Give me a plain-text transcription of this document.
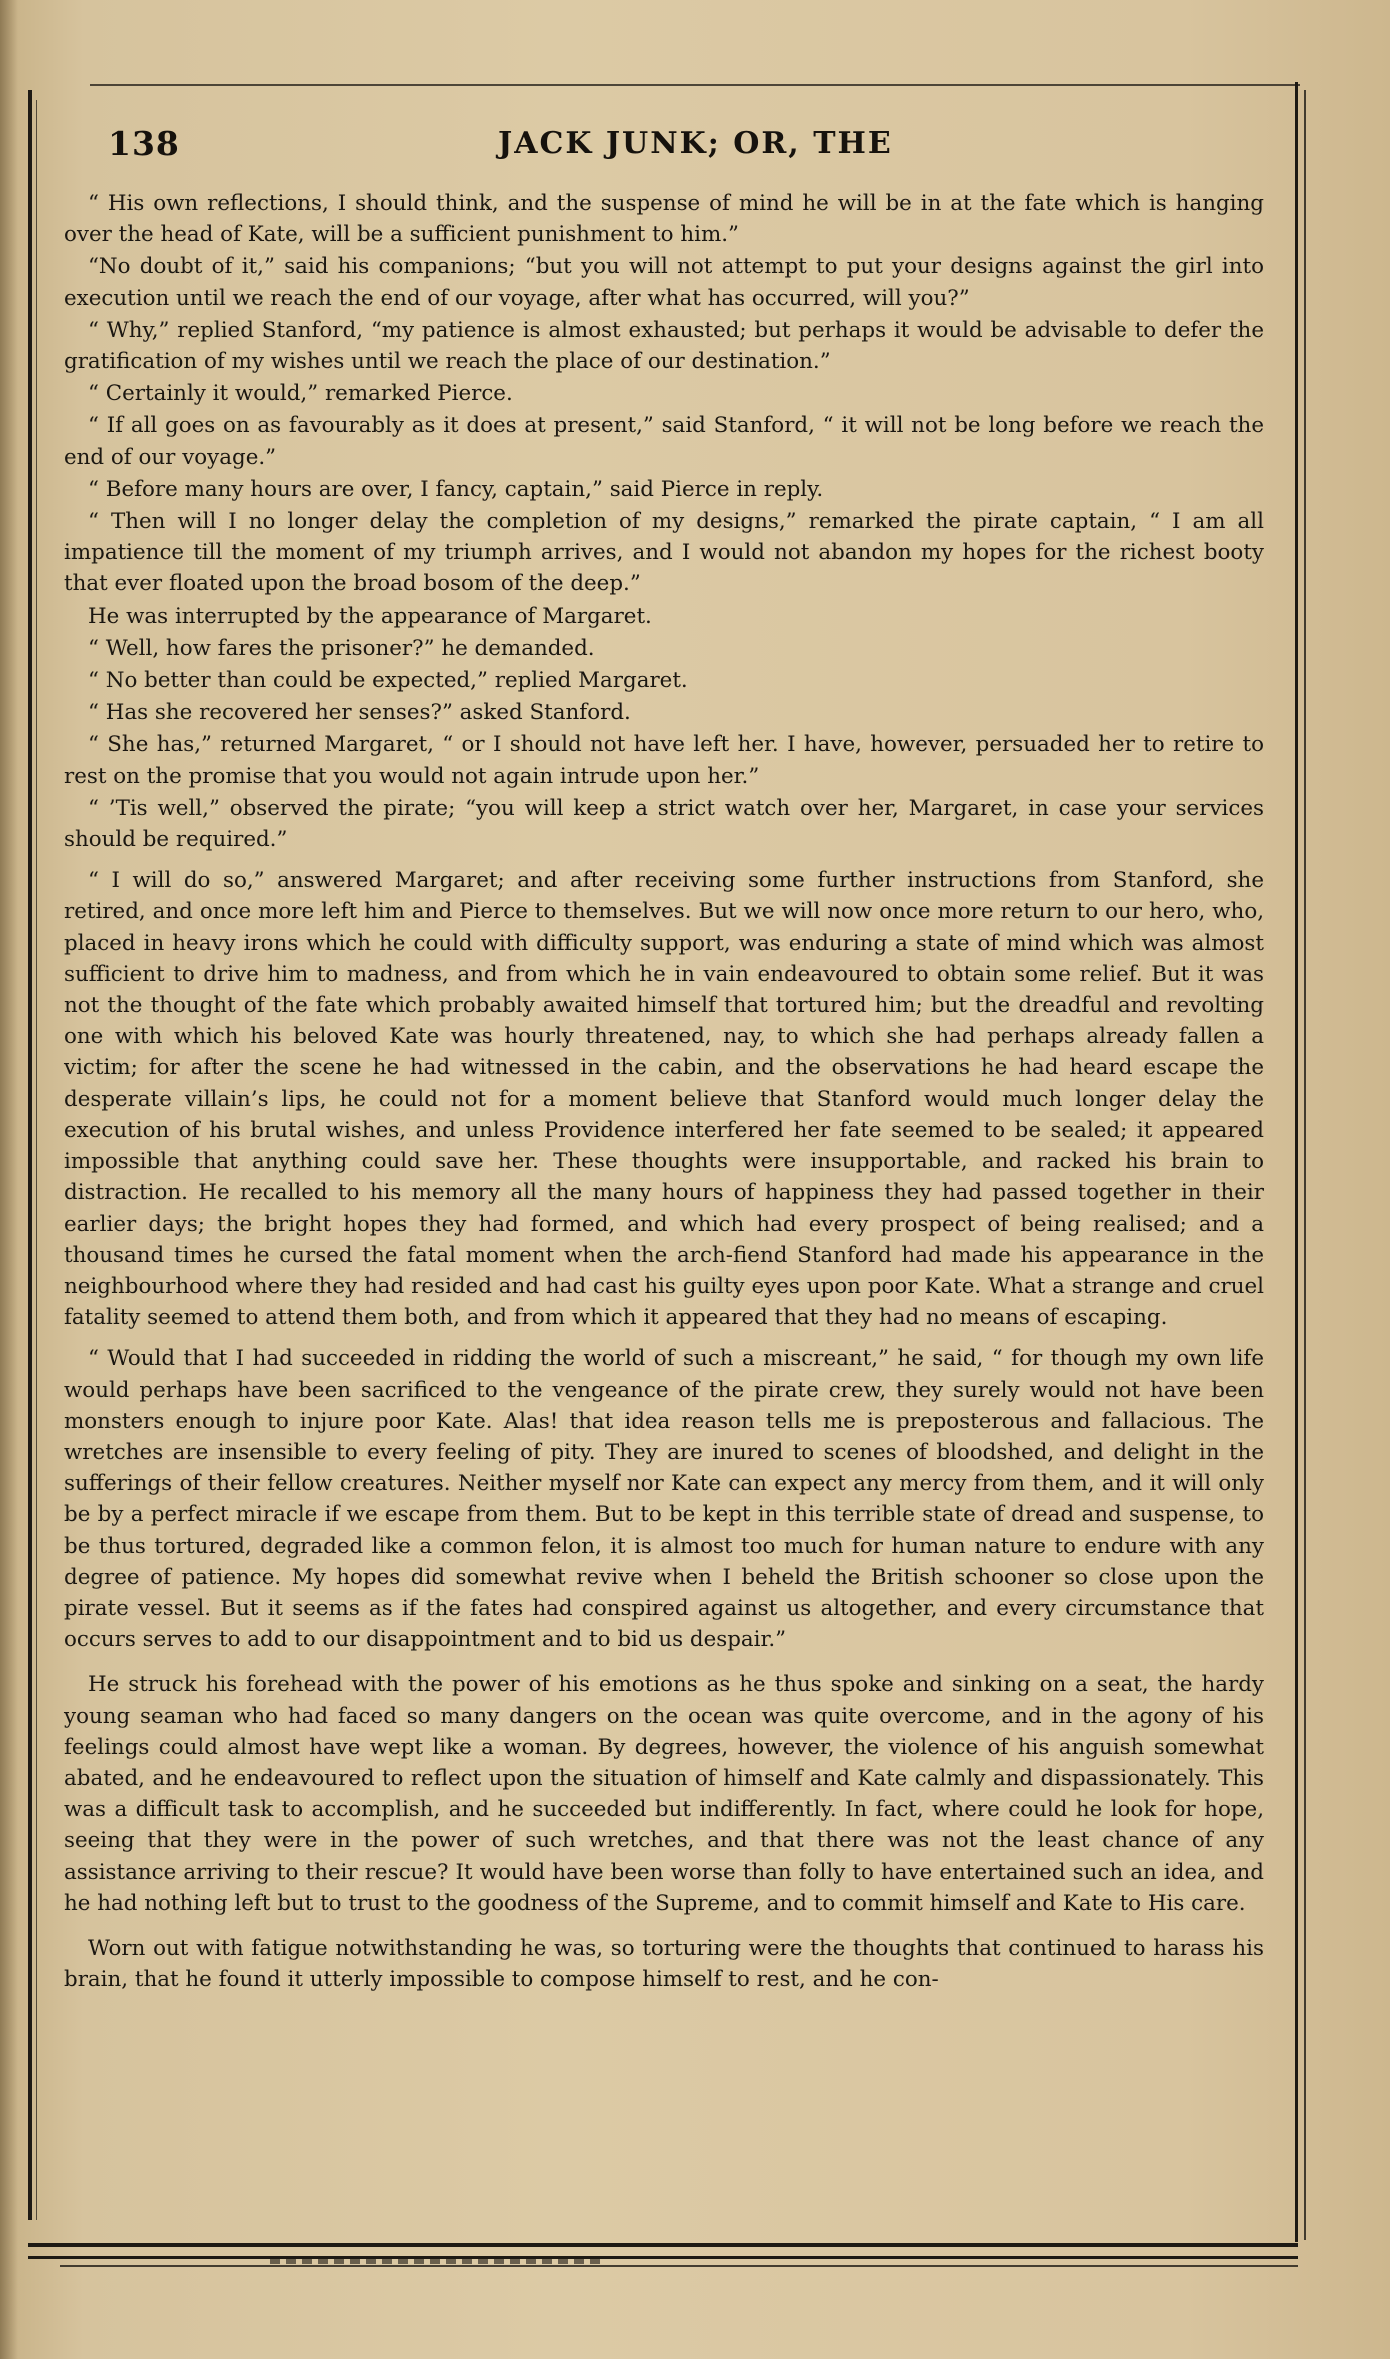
138	JACK JUNK; OR, THE

“ His own reflections, I should think, and the suspense of mind he will be in at the fate which is hanging over the head of Kate, will be a sufficient punishment to him.”

“No doubt of it,” said his companions; “but you will not attempt to put your designs against the girl into execution until we reach the end of our voyage, after what has occurred, will you?”

“ Why,” replied Stanford, “my patience is almost exhausted; but perhaps it would be advisable to defer the gratification of my wishes until we reach the place of our destination.”

“ Certainly it would,” remarked Pierce.

“ If all goes on as favourably as it does at present,” said Stanford, “ it will not be long before we reach the end of our voyage.”

“ Before many hours are over, I fancy, captain,” said Pierce in reply.

“ Then will I no longer delay the completion of my designs,” remarked the pirate captain, “ I am all impatience till the moment of my triumph arrives, and I would not abandon my hopes for the richest booty that ever floated upon the broad bosom of the deep.”

He was interrupted by the appearance of Margaret.

“ Well, how fares the prisoner?” he demanded.

“ No better than could be expected,” replied Margaret.

“ Has she recovered her senses?” asked Stanford.

“ She has,” returned Margaret, “ or I should not have left her. I have, however, persuaded her to retire to rest on the promise that you would not again intrude upon her.”

“ ’Tis well,” observed the pirate; “you will keep a strict watch over her, Margaret, in case your services should be required.”

“ I will do so,” answered Margaret; and after receiving some further instructions from Stanford, she retired, and once more left him and Pierce to themselves. But we will now once more return to our hero, who, placed in heavy irons which he could with difficulty support, was enduring a state of mind which was almost sufficient to drive him to madness, and from which he in vain endeavoured to obtain some relief. But it was not the thought of the fate which probably awaited himself that tortured him; but the dreadful and revolting one with which his beloved Kate was hourly threatened, nay, to which she had perhaps already fallen a victim; for after the scene he had witnessed in the cabin, and the observations he had heard escape the desperate villain’s lips, he could not for a moment believe that Stanford would much longer delay the execution of his brutal wishes, and unless Providence interfered her fate seemed to be sealed; it appeared impossible that anything could save her. These thoughts were insupportable, and racked his brain to distraction. He recalled to his memory all the many hours of happiness they had passed together in their earlier days; the bright hopes they had formed, and which had every prospect of being realised; and a thousand times he cursed the fatal moment when the arch-fiend Stanford had made his appearance in the neighbourhood where they had resided and had cast his guilty eyes upon poor Kate. What a strange and cruel fatality seemed to attend them both, and from which it appeared that they had no means of escaping.

“ Would that I had succeeded in ridding the world of such a miscreant,” he said, “ for though my own life would perhaps have been sacrificed to the vengeance of the pirate crew, they surely would not have been monsters enough to injure poor Kate. Alas! that idea reason tells me is preposterous and fallacious. The wretches are insensible to every feeling of pity. They are inured to scenes of bloodshed, and delight in the sufferings of their fellow creatures. Neither myself nor Kate can expect any mercy from them, and it will only be by a perfect miracle if we escape from them. But to be kept in this terrible state of dread and suspense, to be thus tortured, degraded like a common felon, it is almost too much for human nature to endure with any degree of patience. My hopes did somewhat revive when I beheld the British schooner so close upon the pirate vessel. But it seems as if the fates had conspired against us altogether, and every circumstance that occurs serves to add to our disappointment and to bid us despair.”

He struck his forehead with the power of his emotions as he thus spoke and sinking on a seat, the hardy young seaman who had faced so many dangers on the ocean was quite overcome, and in the agony of his feelings could almost have wept like a woman. By degrees, however, the violence of his anguish somewhat abated, and he endeavoured to reflect upon the situation of himself and Kate calmly and dispassionately. This was a difficult task to accomplish, and he succeeded but indifferently. In fact, where could he look for hope, seeing that they were in the power of such wretches, and that there was not the least chance of any assistance arriving to their rescue? It would have been worse than folly to have entertained such an idea, and he had nothing left but to trust to the goodness of the Supreme, and to commit himself and Kate to His care.

Worn out with fatigue notwithstanding he was, so torturing were the thoughts that continued to harass his brain, that he found it utterly impossible to compose himself to rest, and he con-
